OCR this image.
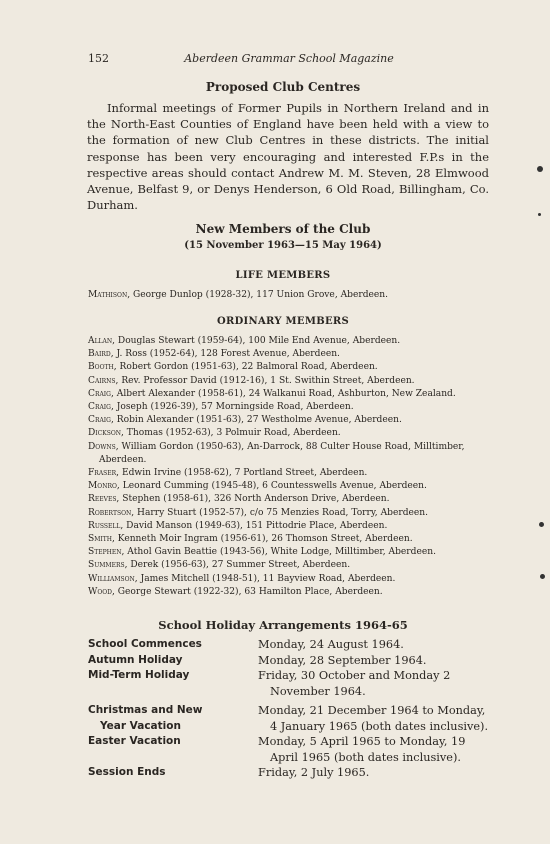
152	Aberdeen Grammar School Magazine
Proposed Club Centres

Informal meetings of Former Pupils in Northern Ireland and in the North-East Counties of England have been held with a view to the formation of new Club Centres in these districts. The initial response has been very encouraging and interested F.P.s in the respective areas should contact Andrew M. M. Steven, 28 Elmwood Avenue, Belfast 9, or Denys Henderson, 6 Old Road, Billingham, Co. Durham.

New Members of the Club
(15 November 1963—15 May 1964)
LIFE MEMBERS
Mathison, George Dunlop (1928-32), 117 Union Grove, Aberdeen.
ORDINARY MEMBERS
Allan, Douglas Stewart (1959-64), 100 Mile End Avenue, Aberdeen.
Baird, J. Ross (1952-64), 128 Forest Avenue, Aberdeen.
Booth, Robert Gordon (1951-63), 22 Balmoral Road, Aberdeen.
Cairns, Rev. Professor David (1912-16), 1 St. Swithin Street, Aberdeen.
Craig, Albert Alexander (1958-61), 24 Walkanui Road, Ashburton, New Zealand.
Craig, Joseph (1926-39), 57 Morningside Road, Aberdeen.
Craig, Robin Alexander (1951-63), 27 Westholme Avenue, Aberdeen.
Dickson, Thomas (1952-63), 3 Polmuir Road, Aberdeen.
Downs, William Gordon (1950-63), An-Darrock, 88 Culter House Road, Milltimber, Aberdeen.
Fraser, Edwin Irvine (1958-62), 7 Portland Street, Aberdeen.
Monro, Leonard Cumming (1945-48), 6 Countesswells Avenue, Aberdeen.
Reeves, Stephen (1958-61), 326 North Anderson Drive, Aberdeen.
Robertson, Harry Stuart (1952-57), c/o 75 Menzies Road, Torry, Aberdeen.
Russell, David Manson (1949-63), 151 Pittodrie Place, Aberdeen.
Smith, Kenneth Moir Ingram (1956-61), 26 Thomson Street, Aberdeen.
Stephen, Athol Gavin Beattie (1943-56), White Lodge, Milltimber, Aberdeen.
Summers, Derek (1956-63), 27 Summer Street, Aberdeen.
Williamson, James Mitchell (1948-51), 11 Bayview Road, Aberdeen.
Wood, George Stewart (1922-32), 63 Hamilton Place, Aberdeen.
School Holiday Arrangements 1964-65
School Commences	Monday, 24 August 1964.

Autumn Holiday	Monday, 28 September 1964.

Mid-Term Holiday	Friday, 30 October and Monday 2 November 1964.

Christmas and New
Year Vacation	Monday, 21 December 1964 to Monday, 4 January 1965 (both dates inclusive).

Easter Vacation	Monday, 5 April 1965 to Monday, 19 April 1965 (both dates inclusive).

Session Ends	Friday, 2 July 1965.
